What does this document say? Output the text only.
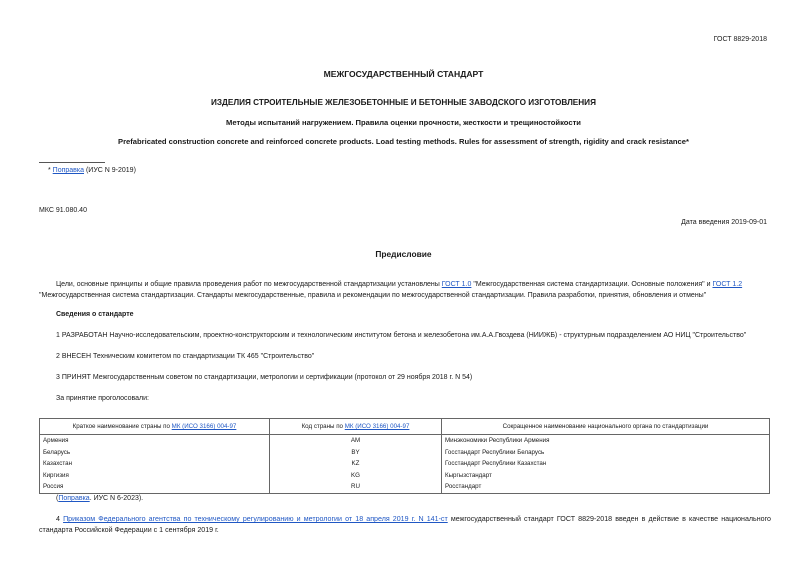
ГОСТ 8829-2018
МЕЖГОСУДАРСТВЕННЫЙ СТАНДАРТ
ИЗДЕЛИЯ СТРОИТЕЛЬНЫЕ ЖЕЛЕЗОБЕТОННЫЕ И БЕТОННЫЕ ЗАВОДСКОГО ИЗГОТОВЛЕНИЯ
Методы испытаний нагружением. Правила оценки прочности, жесткости и трещиностойкости
Prefabricated construction concrete and reinforced concrete products. Load testing methods. Rules for assessment of strength, rigidity and crack resistance*
* Поправка (ИУС N 9-2019)
МКС 91.080.40
Дата введения 2019-09-01
Предисловие
Цели, основные принципы и общие правила проведения работ по межгосударственной стандартизации установлены ГОСТ 1.0 "Межгосударственная система стандартизации. Основные положения" и ГОСТ 1.2
"Межгосударственная система стандартизации. Стандарты межгосударственные, правила и рекомендации по межгосударственной стандартизации. Правила разработки, принятия, обновления и отмены"
Сведения о стандарте
1 РАЗРАБОТАН Научно-исследовательским, проектно-конструкторским и технологическим институтом бетона и железобетона им.А.А.Гвоздева (НИИЖБ) - структурным подразделением АО НИЦ "Строительство"
2 ВНЕСЕН Техническим комитетом по стандартизации ТК 465 "Строительство"
3 ПРИНЯТ Межгосударственным советом по стандартизации, метрологии и сертификации (протокол от 29 ноября 2018 г. N 54)
За принятие проголосовали:
Краткое наименование страны по МК (ИСО 3166) 004-97	Код страны по МК (ИСО 3166) 004-97	Сокращенное наименование национального органа по стандартизации
Армения	AM	Минэкономики Республики Армения
Беларусь	BY	Госстандарт Республики Беларусь
Казахстан	KZ	Госстандарт Республики Казахстан
Киргизия	KG	Кыргызстандарт
Россия	RU	Росстандарт
(Поправка. ИУС N 6-2023).
4 Приказом Федерального агентства по техническому регулированию и метрологии от 18 апреля 2019 г. N 141-ст межгосударственный стандарт ГОСТ 8829-2018 введен в действие в качестве национального стандарта Российской Федерации с 1 сентября 2019 г.
